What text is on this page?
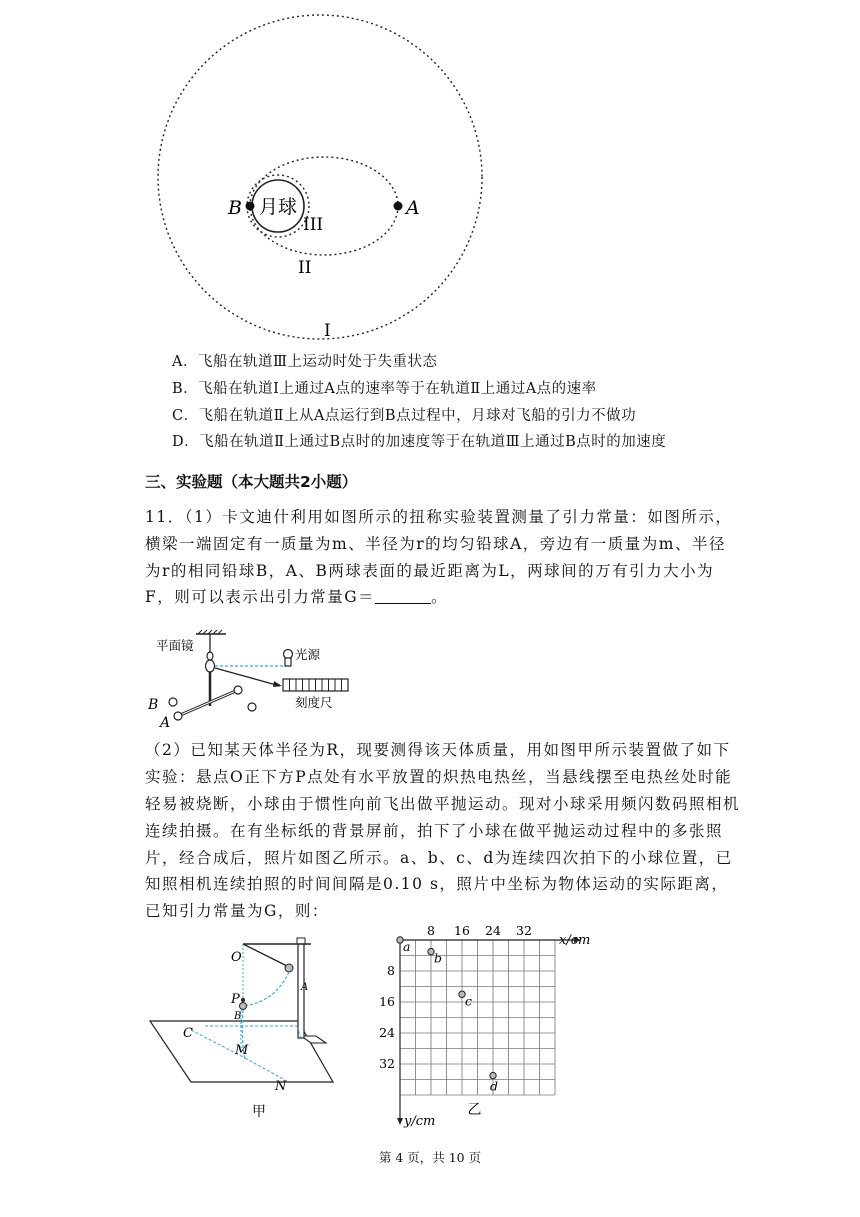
月球
B	A
III
II
I
A．飞船在轨道Ⅲ上运动时处于失重状态
B．飞船在轨道Ⅰ上通过A点的速率等于在轨道Ⅱ上通过A点的速率
C．飞船在轨道Ⅱ上从A点运行到B点过程中，月球对飞船的引力不做功
D．飞船在轨道Ⅱ上通过B点时的加速度等于在轨道Ⅲ上通过B点时的加速度
三、实验题（本大题共2小题）
11．（1）卡文迪什利用如图所示的扭称实验装置测量了引力常量：如图所示，
横梁一端固定有一质量为m、半径为r的均匀铅球A，旁边有一质量为m、半径
为r的相同铅球B，A、B两球表面的最近距离为L，两球间的万有引力大小为
F，则可以表示出引力常量G＝	。
平面镜
光源
刻度尺
B
A
（2）已知某天体半径为R，现要测得该天体质量，用如图甲所示装置做了如下
实验：悬点O正下方P点处有水平放置的炽热电热丝，当悬线摆至电热丝处时能
轻易被烧断，小球由于惯性向前飞出做平抛运动。现对小球采用频闪数码照相机
连续拍摄。在有坐标纸的背景屏前，拍下了小球在做平抛运动过程中的多张照
片，经合成后，照片如图乙所示。a、b、c、d为连续四次拍下的小球位置，已
知照相机连续拍照的时间间隔是0.10 s，照片中坐标为物体运动的实际距离，
已知引力常量为G，则：
O
A
P
B
C
M
N
甲
8 16 24 32
8
16
24
32
a
b
c
d
x/cm
y/cm
乙
第 4 页，共 10 页
